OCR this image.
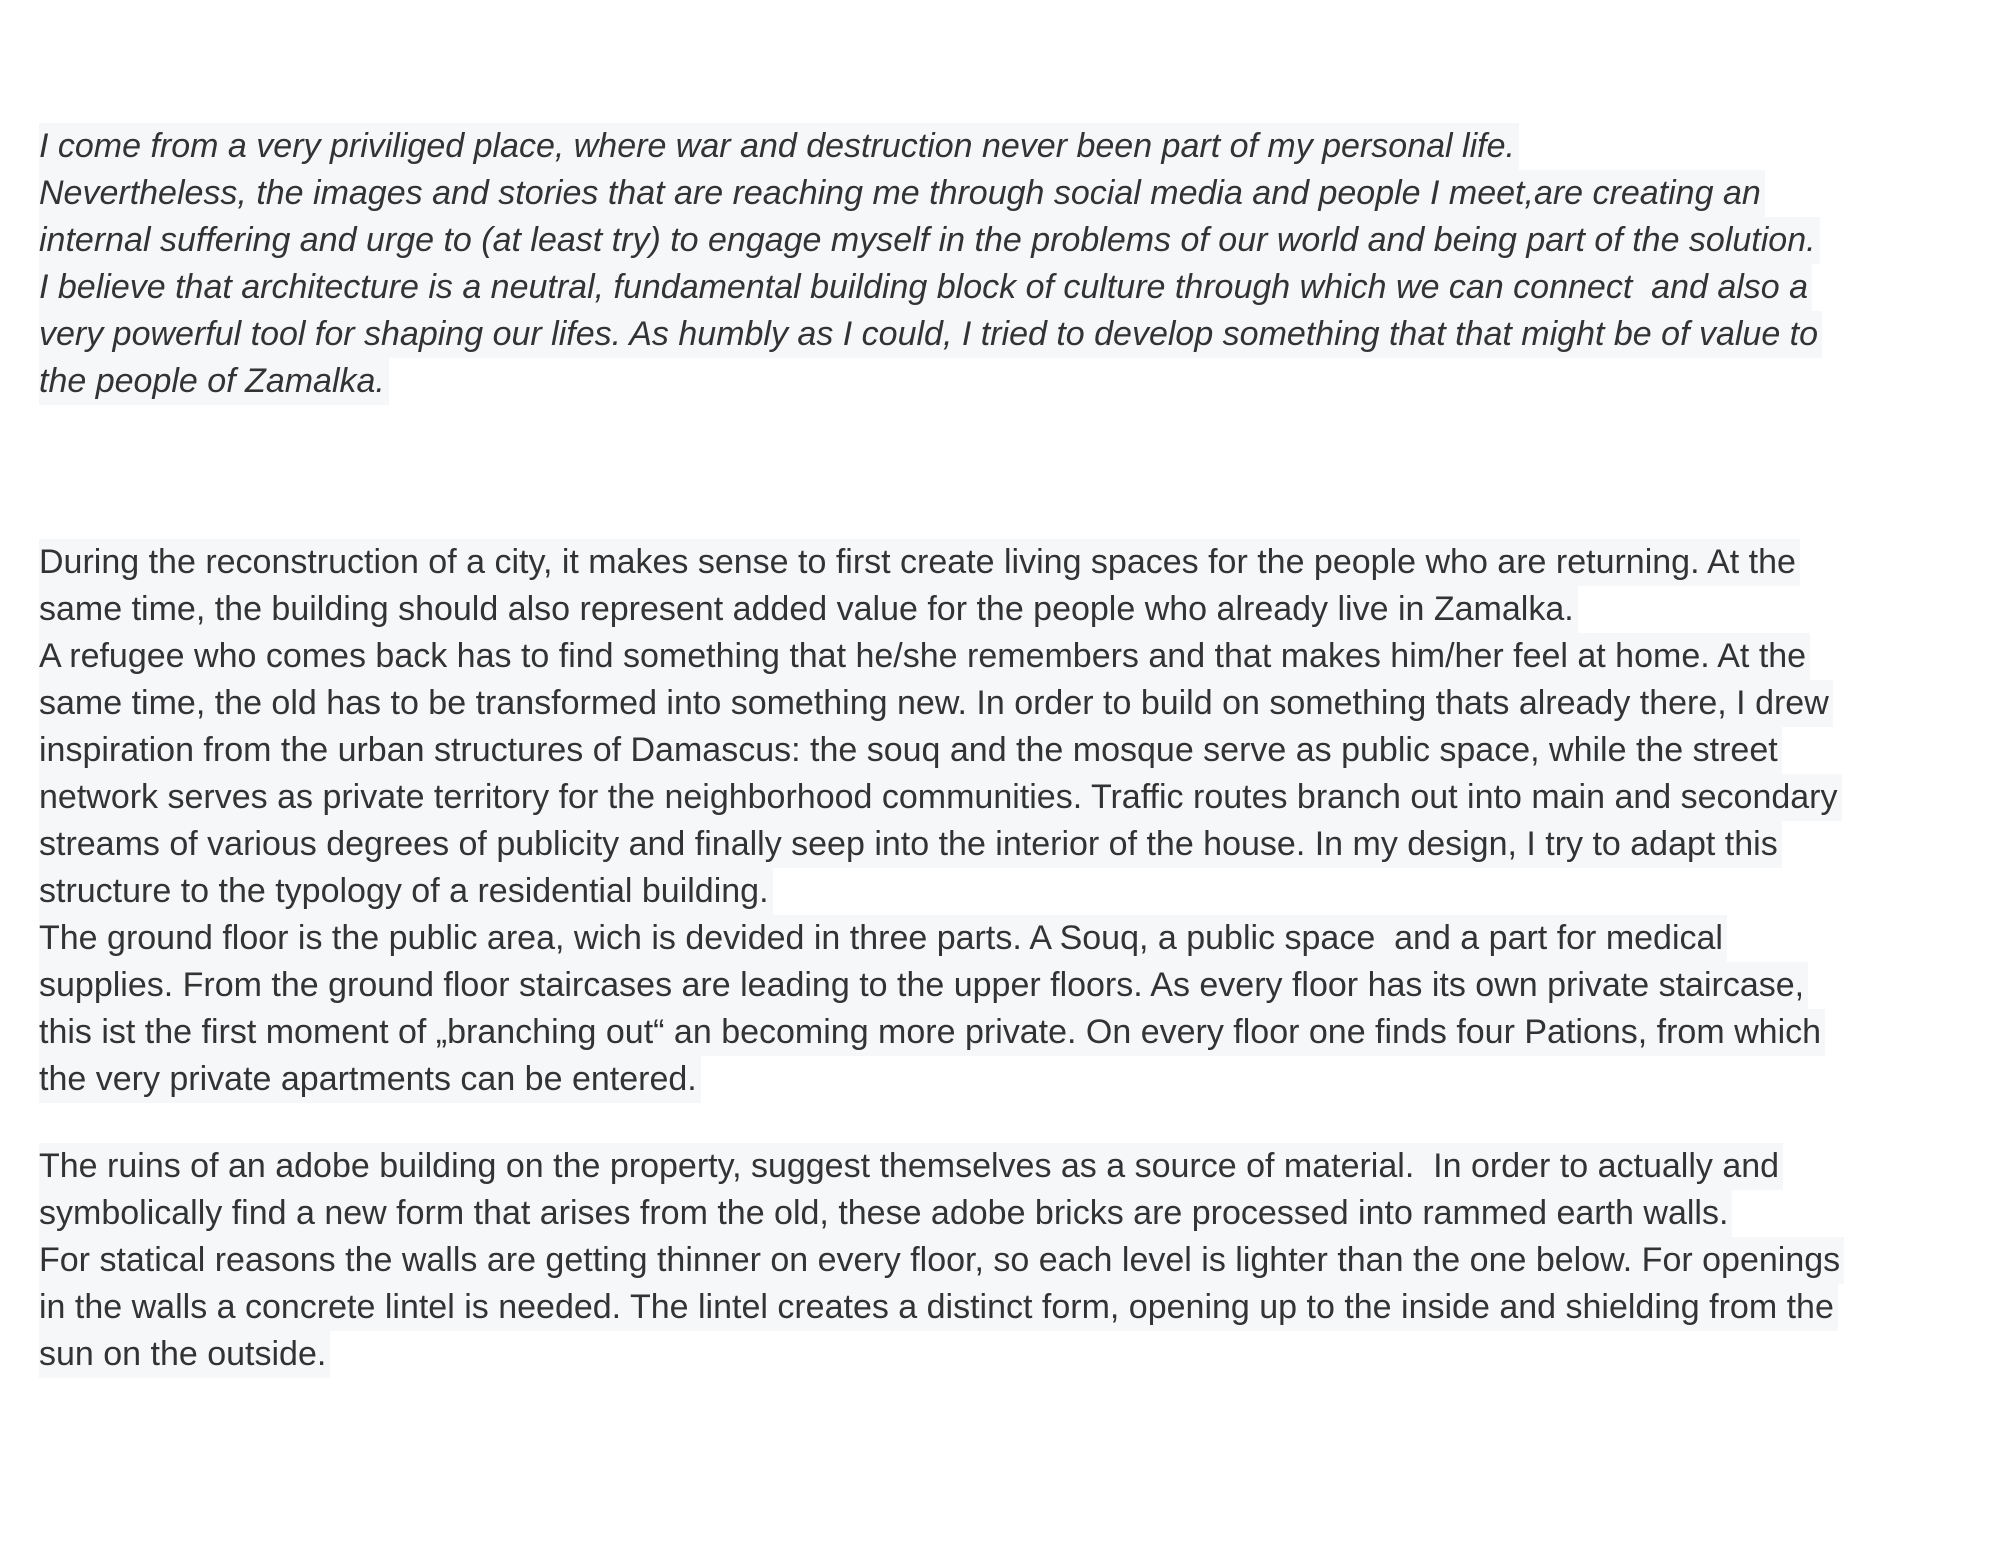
I come from a very priviliged place, where war and destruction never been part of my personal life.
Nevertheless, the images and stories that are reaching me through social media and people I meet,are creating an
internal suffering and urge to (at least try) to engage myself in the problems of our world and being part of the solution.
I believe that architecture is a neutral, fundamental building block of culture through which we can connect  and also a
very powerful tool for shaping our lifes. As humbly as I could, I tried to develop something that that might be of value to
the people of Zamalka.
During the reconstruction of a city, it makes sense to first create living spaces for the people who are returning. At the
same time, the building should also represent added value for the people who already live in Zamalka.
A refugee who comes back has to find something that he/she remembers and that makes him/her feel at home. At the
same time, the old has to be transformed into something new. In order to build on something thats already there, I drew
inspiration from the urban structures of Damascus: the souq and the mosque serve as public space, while the street
network serves as private territory for the neighborhood communities. Traffic routes branch out into main and secondary
streams of various degrees of publicity and finally seep into the interior of the house. In my design, I try to adapt this
structure to the typology of a residential building.
The ground floor is the public area, wich is devided in three parts. A Souq, a public space  and a part for medical
supplies. From the ground floor staircases are leading to the upper floors. As every floor has its own private staircase,
this ist the first moment of „branching out“ an becoming more private. On every floor one finds four Pations, from which
the very private apartments can be entered.
The ruins of an adobe building on the property, suggest themselves as a source of material.  In order to actually and
symbolically find a new form that arises from the old, these adobe bricks are processed into rammed earth walls.
For statical reasons the walls are getting thinner on every floor, so each level is lighter than the one below. For openings
in the walls a concrete lintel is needed. The lintel creates a distinct form, opening up to the inside and shielding from the
sun on the outside.
